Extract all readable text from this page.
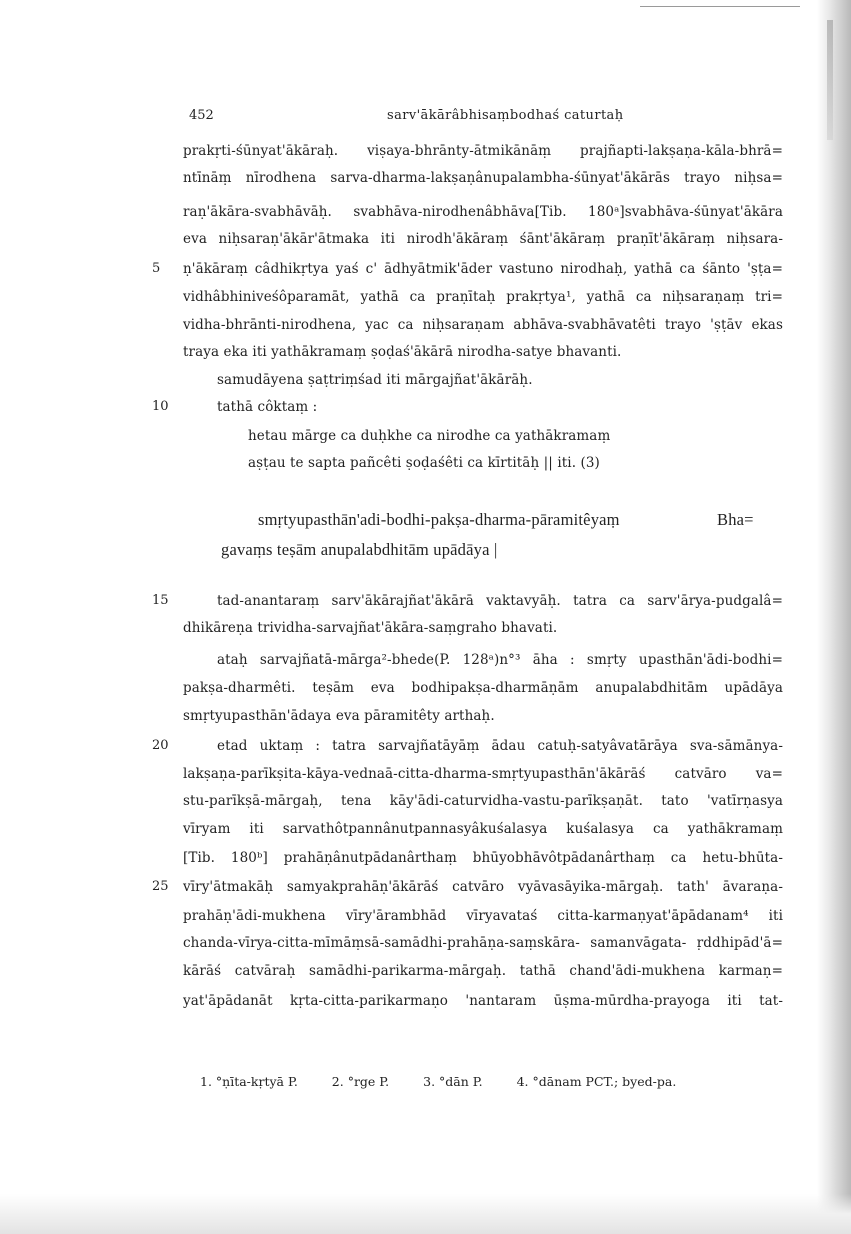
452	sarv'ākārâbhisaṃbodhaś caturtaḥ
prakṛti-śūnyat'ākāraḥ. viṣaya-bhrānty-ātmikānāṃ prajñapti-lakṣaṇa-kāla-bhrā=
ntīnāṃ nīrodhena sarva-dharma-lakṣaṇânupalambha-śūnyat'ākārās trayo niḥsa=
raṇ'ākāra-svabhāvāḥ. svabhāva-nirodhenâbhāva[Tib. 180ᵃ]svabhāva-śūnyat'ākāra
eva niḥsaraṇ'ākār'ātmaka iti nirodh'ākāraṃ śānt'ākāraṃ praṇīt'ākāraṃ niḥsara-
ṇ'ākāraṃ câdhikṛtya yaś c' ādhyātmik'āder vastuno nirodhaḥ, yathā ca śānto 'ṣṭa=
vidhâbhiniveśôparamāt, yathā ca praṇītaḥ prakṛtya¹, yathā ca niḥsaraṇaṃ tri=
vidha-bhrānti-nirodhena, yac ca niḥsaraṇam abhāva-svabhāvatêti trayo 'ṣṭāv ekas
traya eka iti yathākramaṃ ṣoḍaś'ākārā nirodha-satye bhavanti.
samudāyena ṣaṭtriṃśad iti mārgajñat'ākārāḥ.
tathā côktaṃ :
hetau mārge ca duḥkhe ca nirodhe ca yathākramaṃ
aṣṭau te sapta pañcêti ṣoḍaśêti ca kīrtitāḥ || iti. (3)
5
10
smṛtyupasthān'adi-bodhi-pakṣa-dharma-pāramitêyaṃ	Bha=
gavaṃs teṣām anupalabdhitām upādāya |
tad-anantaraṃ sarv'ākārajñat'ākārā vaktavyāḥ. tatra ca sarv'ārya-pudgalâ=
dhikāreṇa trividha-sarvajñat'ākāra-saṃgraho bhavati.
ataḥ sarvajñatā-mārga²-bhede(P. 128ᵃ)n°³ āha : smṛty upasthān'ādi-bodhi=
pakṣa-dharmêti. teṣām eva bodhipakṣa-dharmāṇām anupalabdhitām upādāya
smṛtyupasthān'ādaya eva pāramitêty arthaḥ.
etad uktaṃ : tatra sarvajñatāyāṃ ādau catuḥ-satyâvatārāya sva-sāmānya-
lakṣaṇa-parīkṣita-kāya-vednaā-citta-dharma-smṛtyupasthān'ākārāś catvāro va=
stu-parīkṣā-mārgaḥ, tena kāy'ādi-caturvidha-vastu-parīkṣaṇāt. tato 'vatīrṇasya
vīryam iti sarvathôtpannânutpannasyâkuśalasya kuśalasya ca yathākramaṃ
[Tib. 180ᵇ] prahāṇânutpādanârthaṃ bhūyobhāvôtpādanârthaṃ ca hetu-bhūta-
vīry'ātmakāḥ samyakprahāṇ'ākārāś catvāro vyāvasāyika-mārgaḥ. tath' āvaraṇa-
prahāṇ'ādi-mukhena vīry'ārambhād vīryavataś citta-karmaṇyat'āpādanam⁴ iti
chanda-vīrya-citta-mīmāṃsā-samādhi-prahāṇa-saṃskāra- samanvāgata- ṛddhipād'ā=
kārāś catvāraḥ samādhi-parikarma-mārgaḥ. tathā chand'ādi-mukhena karmaṇ=
yat'āpādanāt kṛta-citta-parikarmaṇo 'nantaram ūṣma-mūrdha-prayoga iti tat-
15
20
25
1. °ṇīta-kṛtyā P.	2. °rge P.	3. °dān P.	4. °dānam PCT.; byed-pa.
